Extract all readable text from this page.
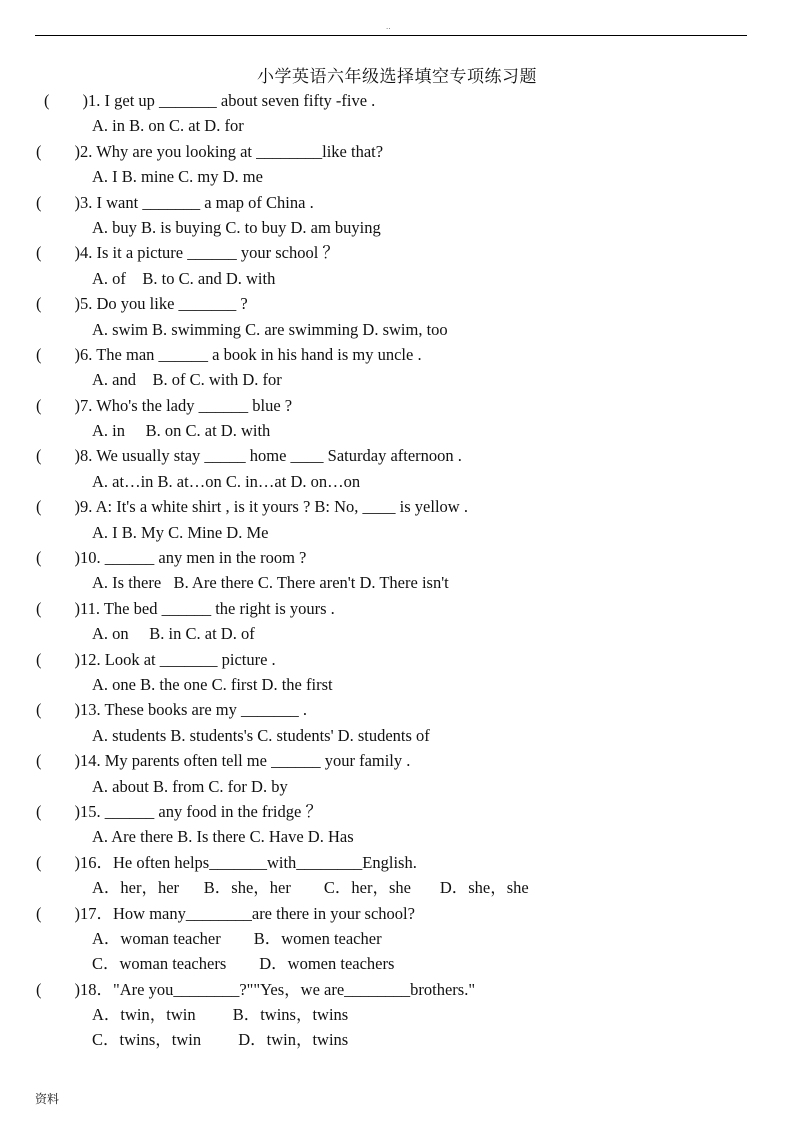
..
小学英语六年级选择填空专项练习题
(        ) 1. I get up _______ about seven fifty -five .
A. in B. on C. at D. for
(        ) 2. Why are you looking at ________like that?
A. I B. mine C. my D. me
(        ) 3. I want _______ a map of China .
A. buy B. is buying C. to buy D. am buying
(        ) 4. Is it a picture ______ your school ？
A. of    B. to C. and D. with
(        ) 5. Do you like _______ ?
A. swim B. swimming C. are swimming D. swim, too
(        ) 6. The man ______ a book in his hand is my uncle .
A. and    B. of C. with D. for
(        ) 7. Who's the lady ______ blue ?
A. in     B. on C. at D. with
(        ) 8. We usually stay _____ home ____ Saturday afternoon .
A. at…in B. at…on C. in…at D. on…on
(        ) 9. A: It's a white shirt , is it yours ? B: No, ____ is yellow .
A. I B. My C. Mine D. Me
(        ) 10. ______ any men in the room ?
A. Is there   B. Are there C. There aren't D. There isn't
(        ) 11. The bed ______ the right is yours .
A. on     B. in C. at D. of
(        ) 12. Look at _______ picture .
A. one B. the one C. first D. the first
(        ) 13. These books are my _______ .
A. students B. students's C. students' D. students of
(        ) 14. My parents often tell me ______ your family .
A. about B. from C. for D. by
(        ) 15. ______ any food in the fridge ？
A. Are there B. Is there C. Have D. Has
(        ) 16．He often helps_______with________English.
A．her，her      B．she，her        C．her，she       D．she，she
(        ) 17．How many________are there in your school?
A．woman teacher        B．women teacher
C．woman teachers        D．women teachers
(        ) 18．"Are you________?""Yes，we are________brothers."
A．twin，twin         B．twins，twins
C．twins，twin         D．twin，twins
资料
